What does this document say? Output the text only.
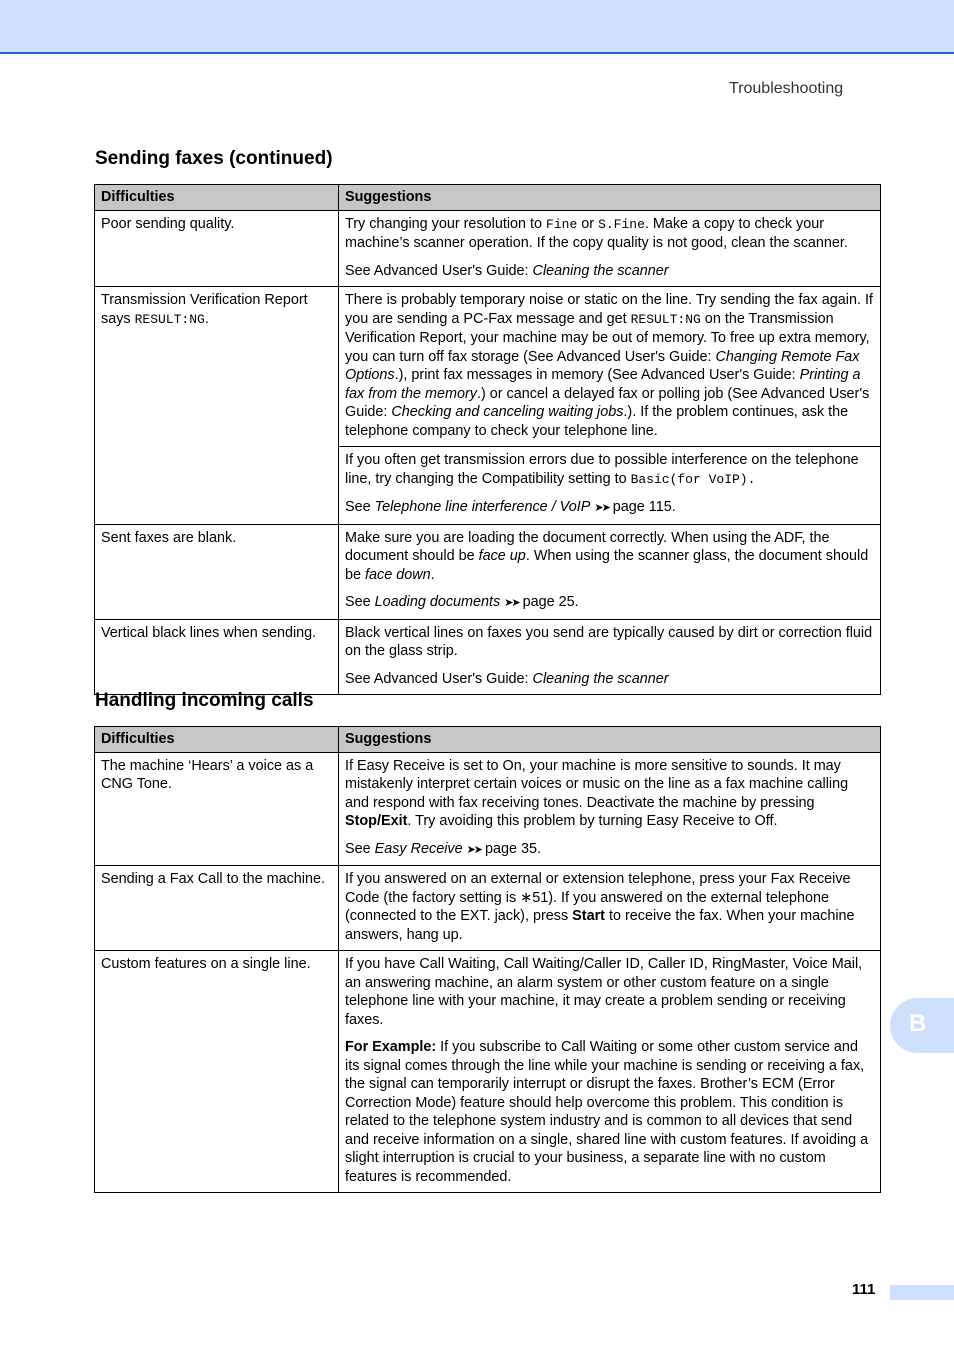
Troubleshooting
Sending faxes (continued)
Difficulties	Suggestions
Poor sending quality.	Try changing your resolution to Fine or S.Fine. Make a copy to check your machine’s scanner operation. If the copy quality is not good, clean the scanner.

See Advanced User's Guide: Cleaning the scanner

Transmission Verification Report says RESULT:NG.	There is probably temporary noise or static on the line. Try sending the fax again. If you are sending a PC-Fax message and get RESULT:NG on the Transmission Verification Report, your machine may be out of memory. To free up extra memory, you can turn off fax storage (See Advanced User's Guide: Changing Remote Fax Options.), print fax messages in memory (See Advanced User's Guide: Printing a fax from the memory.) or cancel a delayed fax or polling job (See Advanced User's Guide: Checking and canceling waiting jobs.). If the problem continues, ask the telephone company to check your telephone line.

	If you often get transmission errors due to possible interference on the telephone line, try changing the Compatibility setting to Basic(for VoIP).

See Telephone line interference / VoIP ➤➤ page 115.

Sent faxes are blank.	Make sure you are loading the document correctly. When using the ADF, the document should be face up. When using the scanner glass, the document should be face down.

See Loading documents ➤➤ page 25.

Vertical black lines when sending.	Black vertical lines on faxes you send are typically caused by dirt or correction fluid on the glass strip.

See Advanced User's Guide: Cleaning the scanner

Handling incoming calls
Difficulties	Suggestions
The machine ‘Hears’ a voice as a CNG Tone.	If Easy Receive is set to On, your machine is more sensitive to sounds. It may mistakenly interpret certain voices or music on the line as a fax machine calling and respond with fax receiving tones. Deactivate the machine by pressing Stop/Exit. Try avoiding this problem by turning Easy Receive to Off.

See Easy Receive ➤➤ page 35.

Sending a Fax Call to the machine.	If you answered on an external or extension telephone, press your Fax Receive Code (the factory setting is ∗51). If you answered on the external telephone (connected to the EXT. jack), press Start to receive the fax. When your machine answers, hang up.

Custom features on a single line.	If you have Call Waiting, Call Waiting/Caller ID, Caller ID, RingMaster, Voice Mail, an answering machine, an alarm system or other custom feature on a single telephone line with your machine, it may create a problem sending or receiving faxes.

For Example: If you subscribe to Call Waiting or some other custom service and its signal comes through the line while your machine is sending or receiving a fax, the signal can temporarily interrupt or disrupt the faxes. Brother’s ECM (Error Correction Mode) feature should help overcome this problem. This condition is related to the telephone system industry and is common to all devices that send and receive information on a single, shared line with custom features. If avoiding a slight interruption is crucial to your business, a separate line with no custom features is recommended.

B
111
